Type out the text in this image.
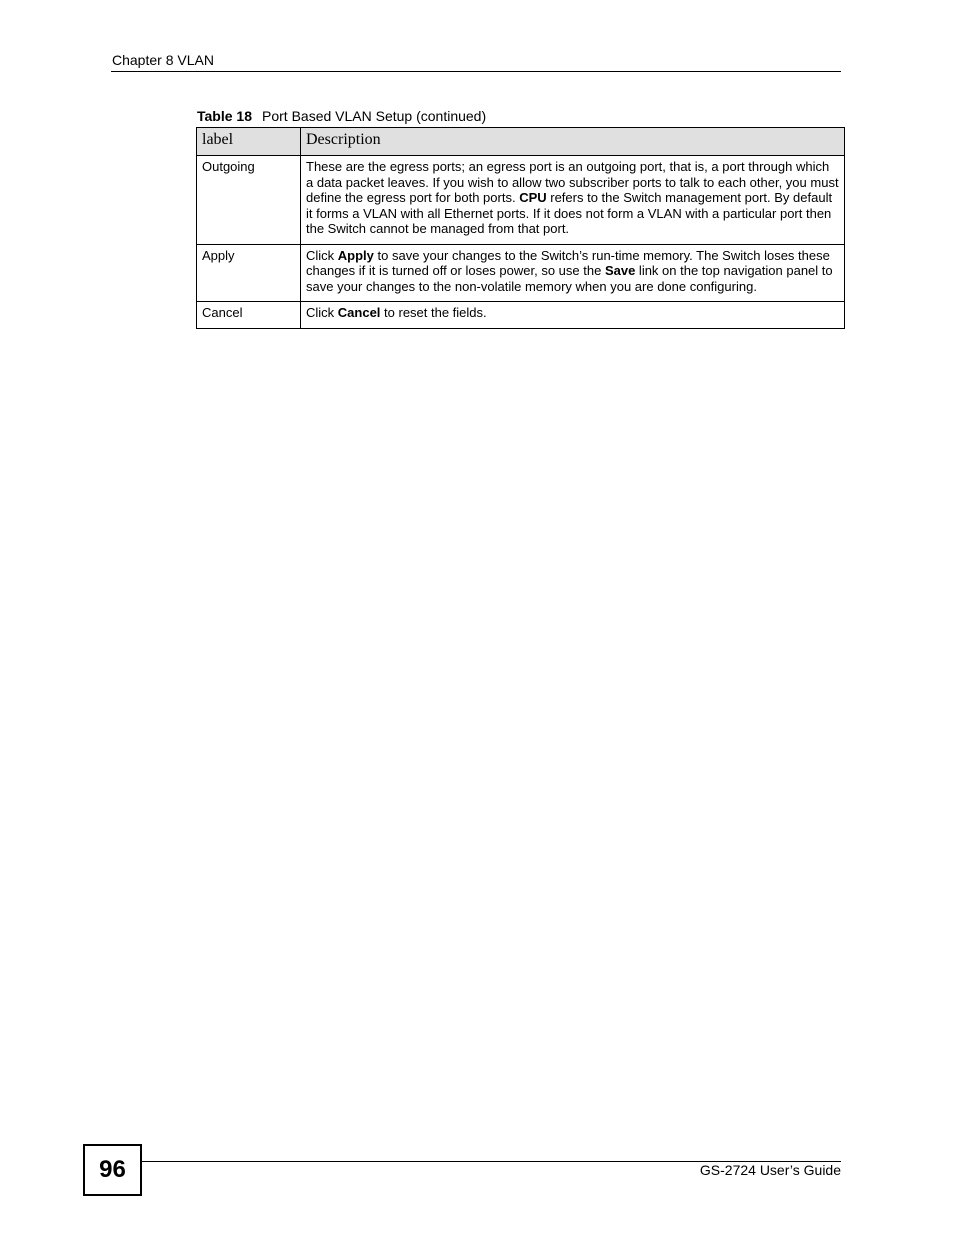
Chapter 8 VLAN
Table 18 Port Based VLAN Setup (continued)
label	Description
Outgoing	These are the egress ports; an egress port is an outgoing port, that is, a port through which a data packet leaves. If you wish to allow two subscriber ports to talk to each other, you must define the egress port for both ports. CPU refers to the Switch management port. By default it forms a VLAN with all Ethernet ports. If it does not form a VLAN with a particular port then the Switch cannot be managed from that port.
Apply	Click Apply to save your changes to the Switch’s run-time memory. The Switch loses these changes if it is turned off or loses power, so use the Save link on the top navigation panel to save your changes to the non-volatile memory when you are done configuring.
Cancel	Click Cancel to reset the fields.
96	GS-2724 User’s Guide
